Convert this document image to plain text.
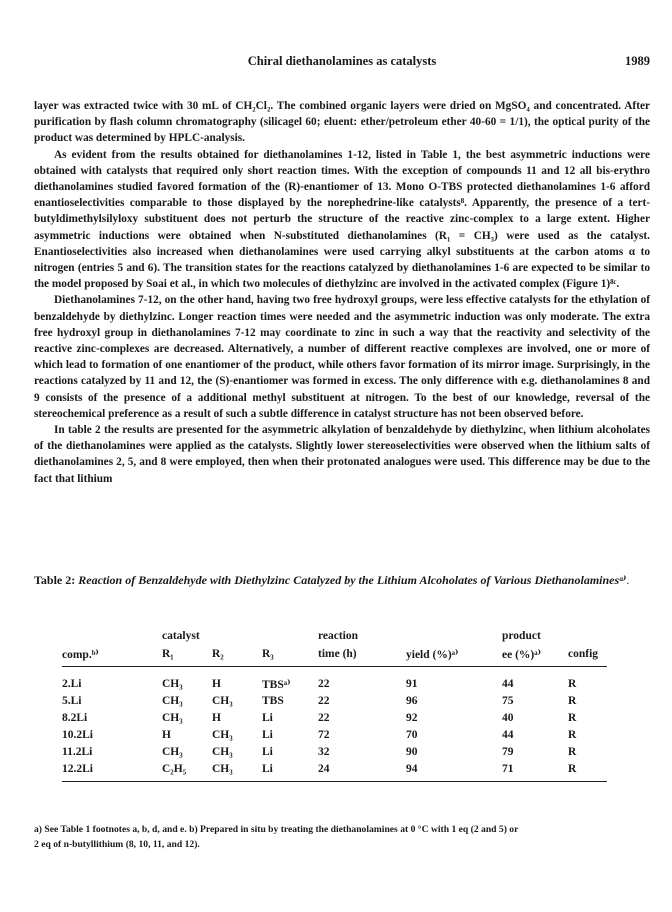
Chiral diethanolamines as catalysts	1989

layer was extracted twice with 30 mL of CH₂Cl₂. The combined organic layers were dried on MgSO₄ and concentrated. After purification by flash column chromatography (silicagel 60; eluent: ether/petroleum ether 40-60 = 1/1), the optical purity of the product was determined by HPLC-analysis.

As evident from the results obtained for diethanolamines 1-12, listed in Table 1, the best asymmetric inductions were obtained with catalysts that required only short reaction times. With the exception of compounds 11 and 12 all bis-erythro diethanolamines studied favored formation of the (R)-enantiomer of 13. Mono O-TBS protected diethanolamines 1-6 afford enantioselectivities comparable to those displayed by the norephedrine-like catalysts⁸. Apparently, the presence of a tert-butyldimethylsilyloxy substituent does not perturb the structure of the reactive zinc-complex to a large extent. Higher asymmetric inductions were obtained when N-substituted diethanolamines (R₁ = CH₃) were used as the catalyst. Enantioselectivities also increased when diethanolamines were used carrying alkyl substituents at the carbon atoms α to nitrogen (entries 5 and 6). The transition states for the reactions catalyzed by diethanolamines 1-6 are expected to be similar to the model proposed by Soai et al., in which two molecules of diethylzinc are involved in the activated complex (Figure 1)⁸ᶜ.

Diethanolamines 7-12, on the other hand, having two free hydroxyl groups, were less effective catalysts for the ethylation of benzaldehyde by diethylzinc. Longer reaction times were needed and the asymmetric induction was only moderate. The extra free hydroxyl group in diethanolamines 7-12 may coordinate to zinc in such a way that the reactivity and selectivity of the reactive zinc-complexes are decreased. Alternatively, a number of different reactive complexes are involved, one or more of which lead to formation of one enantiomer of the product, while others favor formation of its mirror image. Surprisingly, in the reactions catalyzed by 11 and 12, the (S)-enantiomer was formed in excess. The only difference with e.g. diethanolamines 8 and 9 consists of the presence of a additional methyl substituent at nitrogen. To the best of our knowledge, reversal of the stereochemical preference as a result of such a subtle difference in catalyst structure has not been observed before.

In table 2 the results are presented for the asymmetric alkylation of benzaldehyde by diethylzinc, when lithium alcoholates of the diethanolamines were applied as the catalysts. Slightly lower stereoselectivities were observed when the lithium salts of diethanolamines 2, 5, and 8 were employed, then when their protonated analogues were used. This difference may be due to the fact that lithium

Table 2: Reaction of Benzaldehyde with Diethylzinc Catalyzed by the Lithium Alcoholates of Various Diethanolaminesᵃ⁾.
	catalyst			reaction		product	
comp.ᵇ⁾	R₁	R₂	R₃	time (h)	yield (%)ᵃ⁾	ee (%)ᵃ⁾	config
2.Li	CH₃	H	TBSᵃ⁾	22	91	44	R
5.Li	CH₃	CH₃	TBS	22	96	75	R
8.2Li	CH₃	H	Li	22	92	40	R
10.2Li	H	CH₃	Li	72	70	44	R
11.2Li	CH₃	CH₃	Li	32	90	79	R
12.2Li	C₂H₅	CH₃	Li	24	94	71	R
a) See Table 1 footnotes a, b, d, and e. b) Prepared in situ by treating the diethanolamines at 0 °C with 1 eq (2 and 5) or
2 eq of n-butyllithium (8, 10, 11, and 12).
